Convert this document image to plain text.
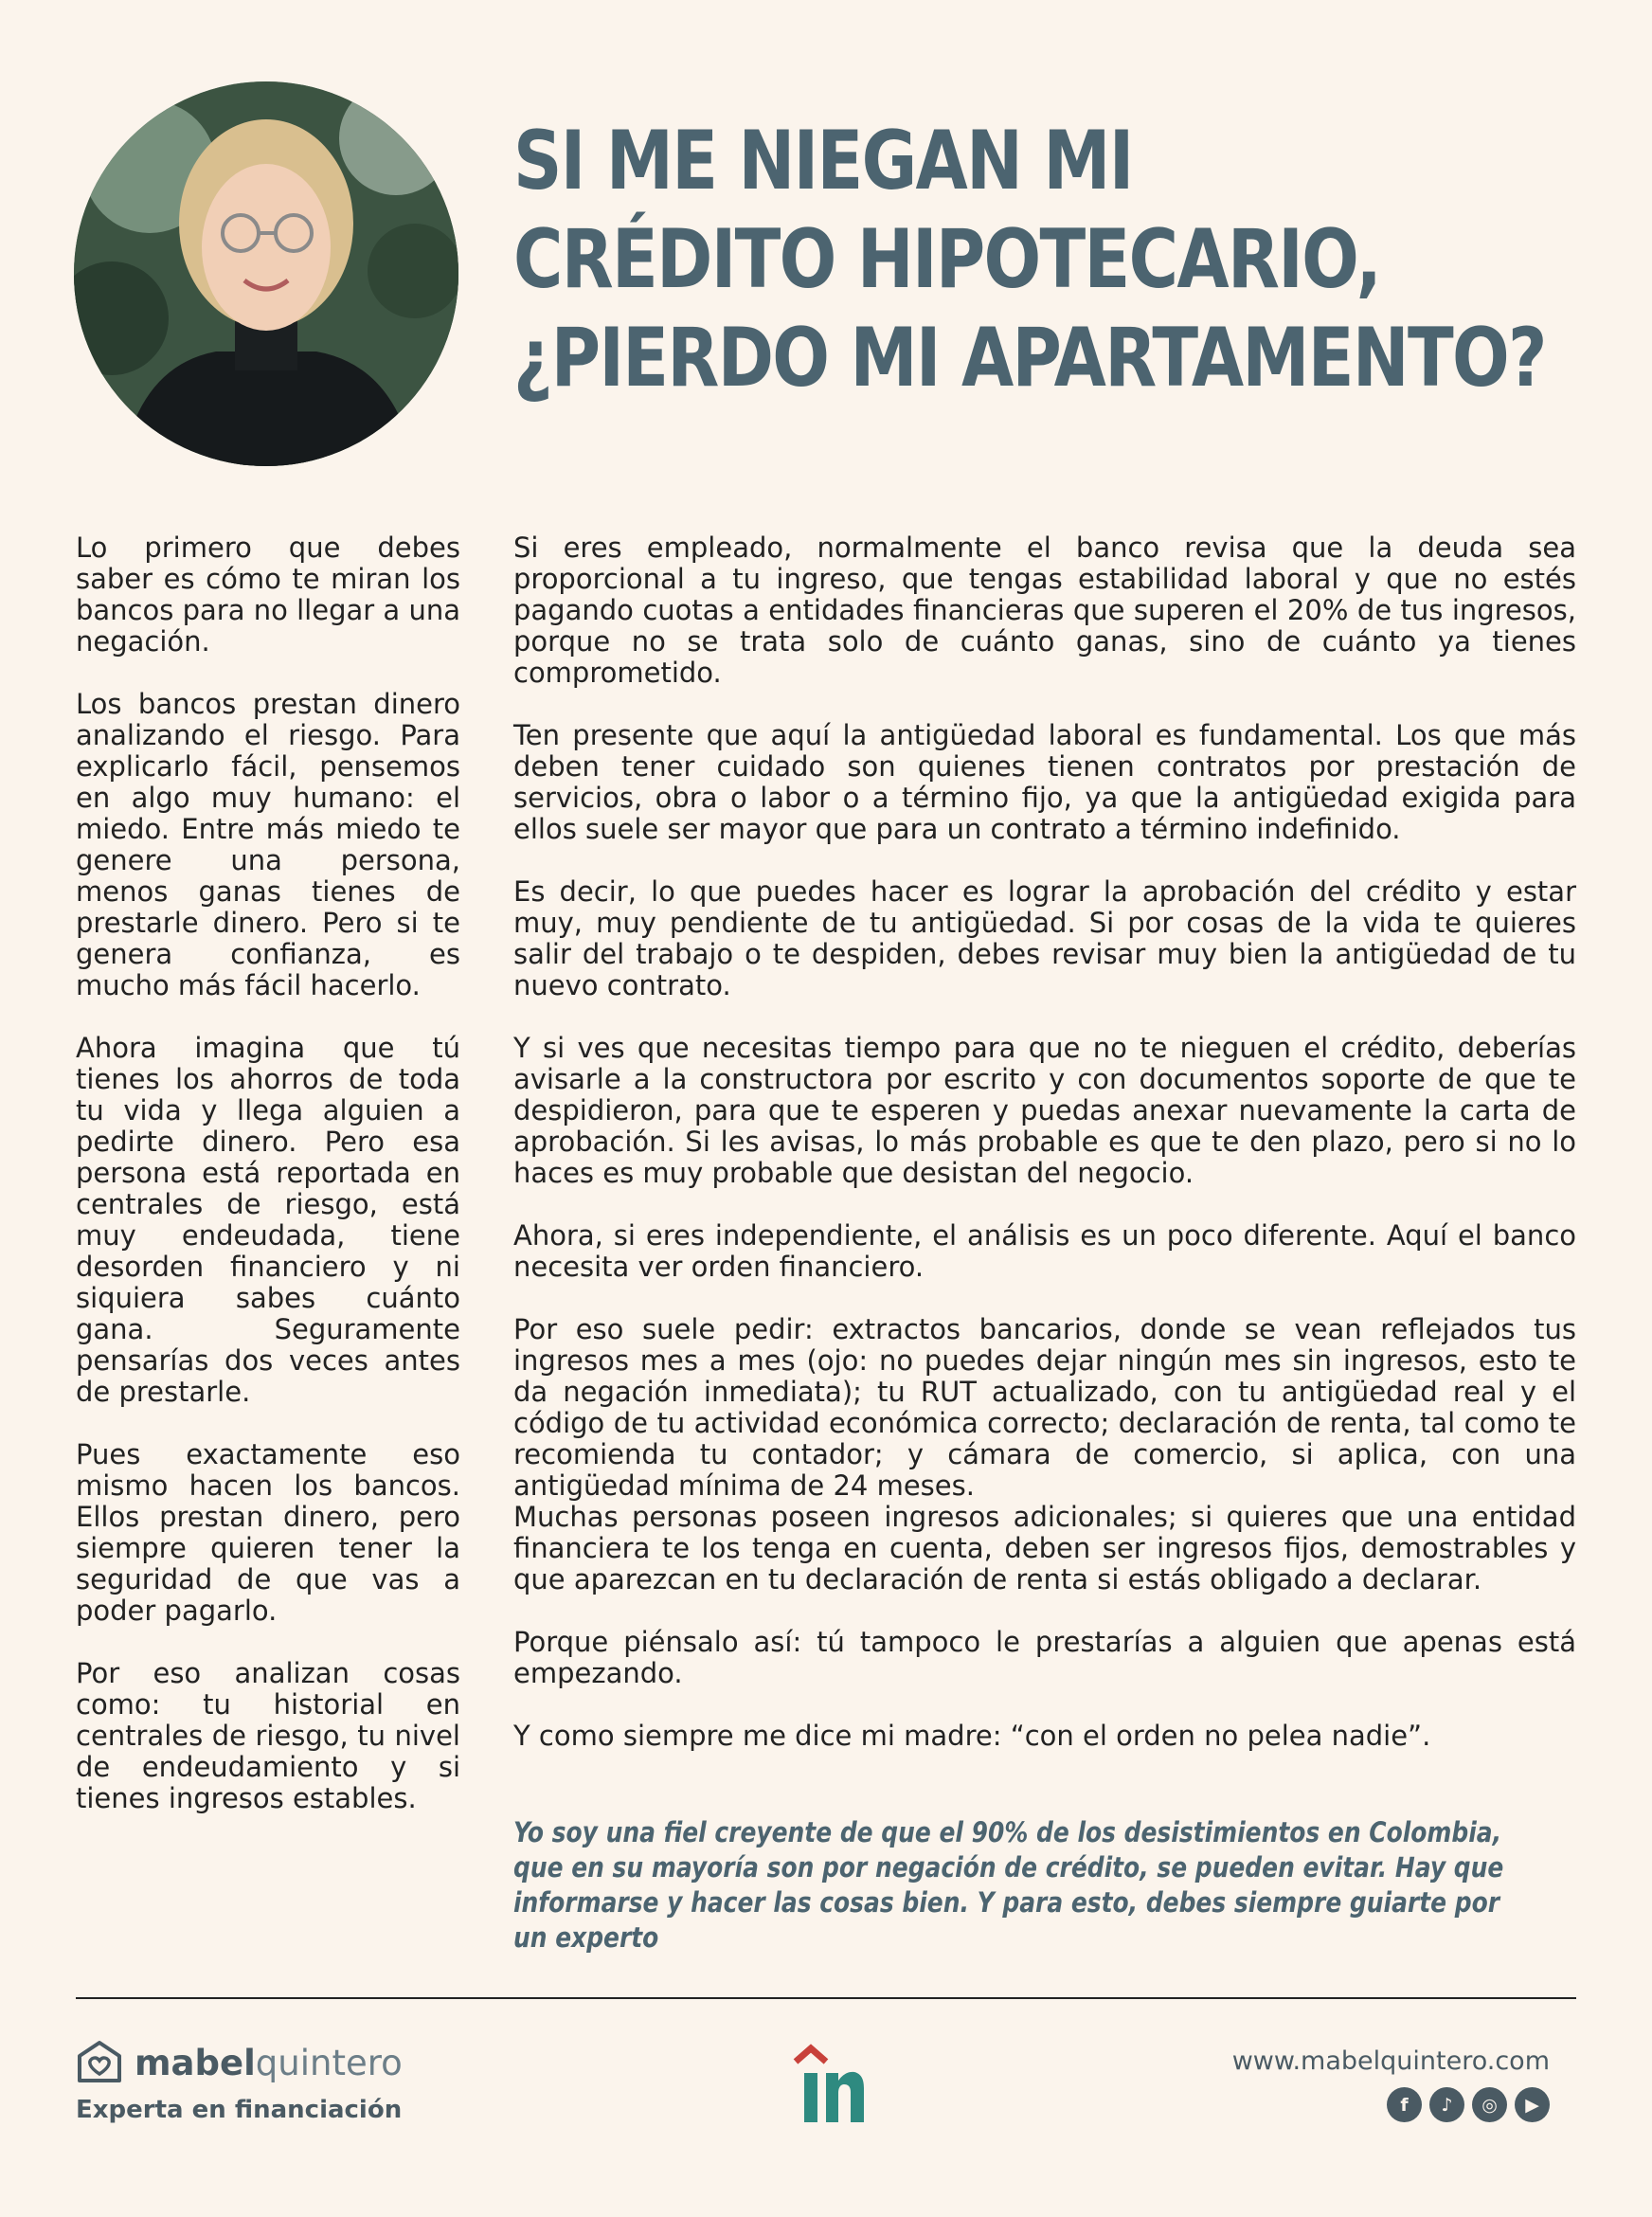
SI ME NIEGAN MI
CRÉDITO HIPOTECARIO,
¿PIERDO MI APARTAMENTO?

Lo primero que debes saber es cómo te miran los bancos para no llegar a una negación.

Los bancos prestan dinero analizando el riesgo. Para explicarlo fácil, pensemos en algo muy humano: el miedo. Entre más miedo te genere una persona, menos ganas tienes de prestarle dinero. Pero si te genera confianza, es mucho más fácil hacerlo.

Ahora imagina que tú tienes los ahorros de toda tu vida y llega alguien a pedirte dinero. Pero esa persona está reportada en centrales de riesgo, está muy endeudada, tiene desorden financiero y ni siquiera sabes cuánto gana. Seguramente pensarías dos veces antes de prestarle.

Pues exactamente eso mismo hacen los bancos. Ellos prestan dinero, pero siempre quieren tener la seguridad de que vas a poder pagarlo.

Por eso analizan cosas como: tu historial en centrales de riesgo, tu nivel de endeudamiento y si tienes ingresos estables.

Si eres empleado, normalmente el banco revisa que la deuda sea proporcional a tu ingreso, que tengas estabilidad laboral y que no estés pagando cuotas a entidades financieras que superen el 20% de tus ingresos, porque no se trata solo de cuánto ganas, sino de cuánto ya tienes comprometido.

Ten presente que aquí la antigüedad laboral es fundamental. Los que más deben tener cuidado son quienes tienen contratos por prestación de servicios, obra o labor o a término fijo, ya que la antigüedad exigida para ellos suele ser mayor que para un contrato a término indefinido.

Es decir, lo que puedes hacer es lograr la aprobación del crédito y estar muy, muy pendiente de tu antigüedad. Si por cosas de la vida te quieres salir del trabajo o te despiden, debes revisar muy bien la antigüedad de tu nuevo contrato.

Y si ves que necesitas tiempo para que no te nieguen el crédito, deberías avisarle a la constructora por escrito y con documentos soporte de que te despidieron, para que te esperen y puedas anexar nuevamente la carta de aprobación. Si les avisas, lo más probable es que te den plazo, pero si no lo haces es muy probable que desistan del negocio.

Ahora, si eres independiente, el análisis es un poco diferente. Aquí el banco necesita ver orden financiero.

Por eso suele pedir: extractos bancarios, donde se vean reflejados tus ingresos mes a mes (ojo: no puedes dejar ningún mes sin ingresos, esto te da negación inmediata); tu RUT actualizado, con tu antigüedad real y el código de tu actividad económica correcto; declaración de renta, tal como te recomienda tu contador; y cámara de comercio, si aplica, con una antigüedad mínima de 24 meses.

Muchas personas poseen ingresos adicionales; si quieres que una entidad financiera te los tenga en cuenta, deben ser ingresos fijos, demostrables y que aparezcan en tu declaración de renta si estás obligado a declarar.

Porque piénsalo así: tú tampoco le prestarías a alguien que apenas está empezando.

Y como siempre me dice mi madre: “con el orden no pelea nadie”.

Yo soy una fiel creyente de que el 90% de los desistimientos en Colombia, que en su mayoría son por negación de crédito, se pueden evitar. Hay que informarse y hacer las cosas bien. Y para esto, debes siempre guiarte por un experto

mabelquintero
Experta en financiación
www.mabelquintero.com
f	♪	◎	▶
